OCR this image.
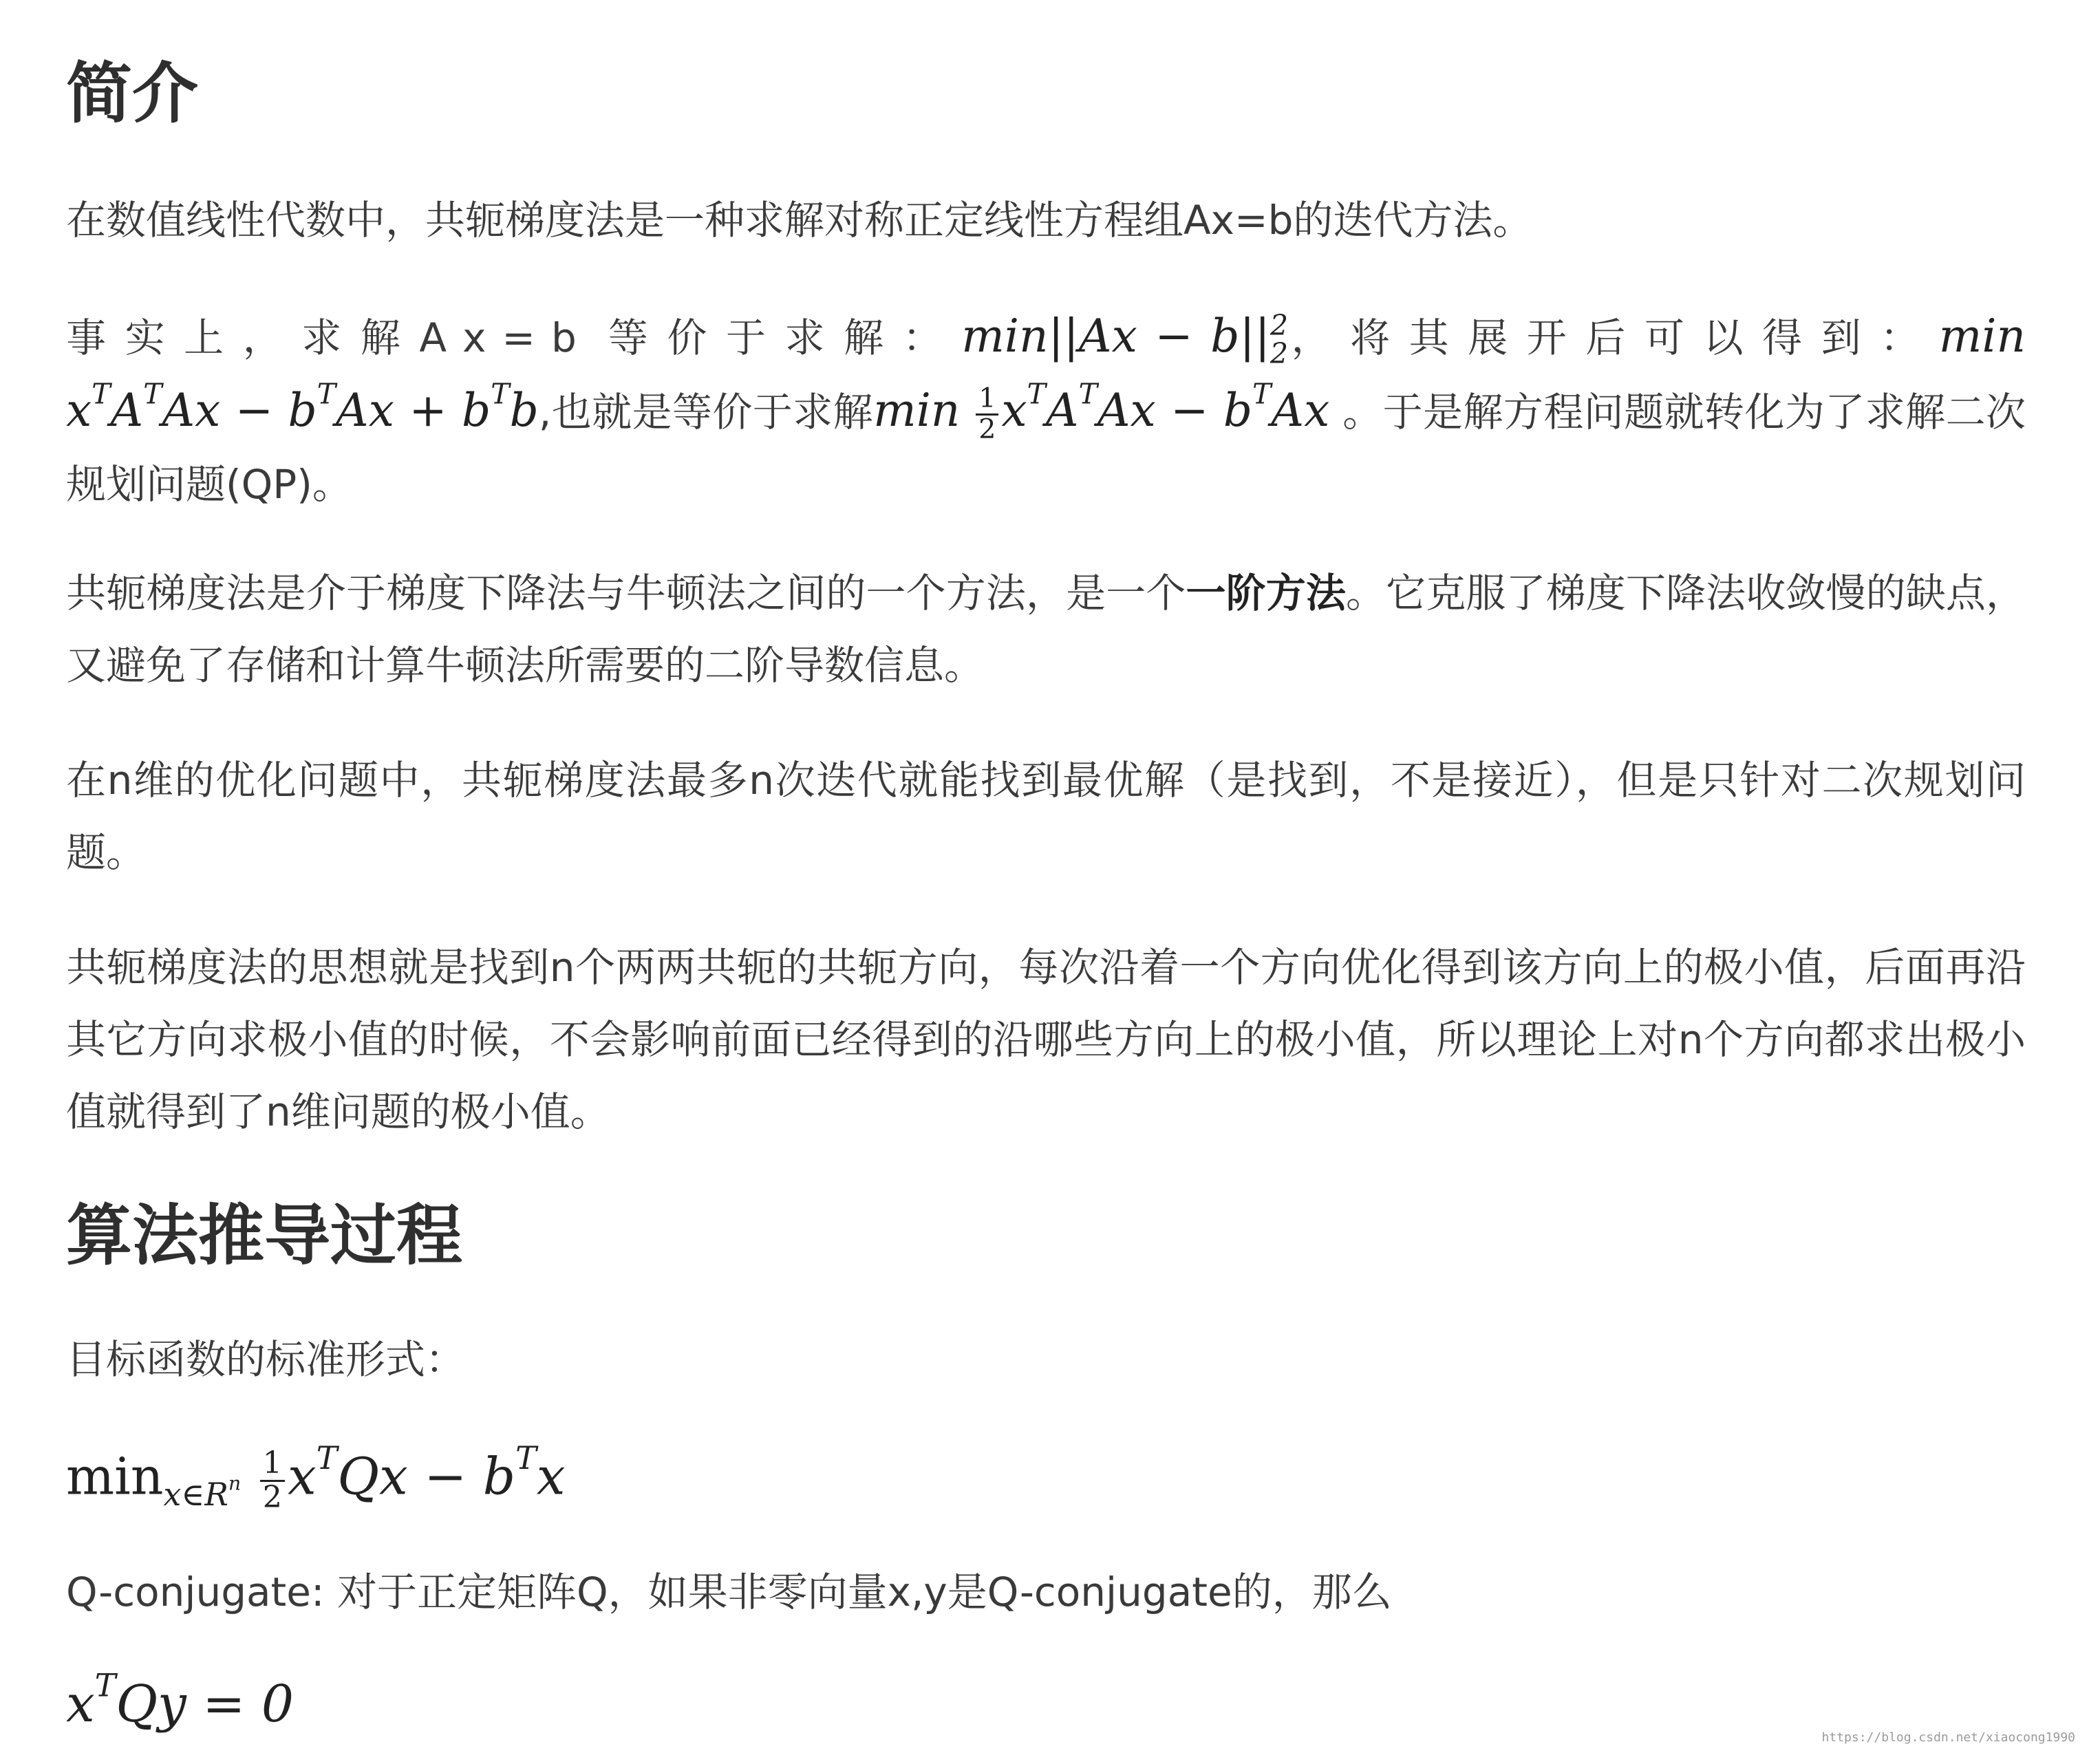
简介

在数值线性代数中，共轭梯度法是一种求解对称正定线性方程组Ax=b的迭代方法。

事实上，求解Ax=b 等价于求解：min||Ax − b|| 2
2 ，将其展开后可以得到：$\min x^TA^TAx - b^TAx + b^Tb$,也就是等价于求解$\min \frac{1}{2} x^TA^TAx - b^TAx$ 。于是解方程问题就转化为了求解二次规划问题(QP)。

共轭梯度法是介于梯度下降法与牛顿法之间的一个方法，是一个一阶方法。它克服了梯度下降法收敛慢的缺点，又避免了存储和计算牛顿法所需要的二阶导数信息。

在n维的优化问题中，共轭梯度法最多n次迭代就能找到最优解（是找到，不是接近），但是只针对二次规划问题。

共轭梯度法的思想就是找到n个两两共轭的共轭方向，每次沿着一个方向优化得到该方向上的极小值，后面再沿其它方向求极小值的时候，不会影响前面已经得到的沿哪些方向上的极小值，所以理论上对n个方向都求出极小值就得到了n维问题的极小值。

算法推导过程

目标函数的标准形式：

$\min_{x\in R^n} \frac{1}{2} x^TQx - b^Tx$

Q-conjugate: 对于正定矩阵Q，如果非零向量x,y是Q-conjugate的，那么

$x^TQy = 0$
https://blog.csdn.net/xiaocong1990
